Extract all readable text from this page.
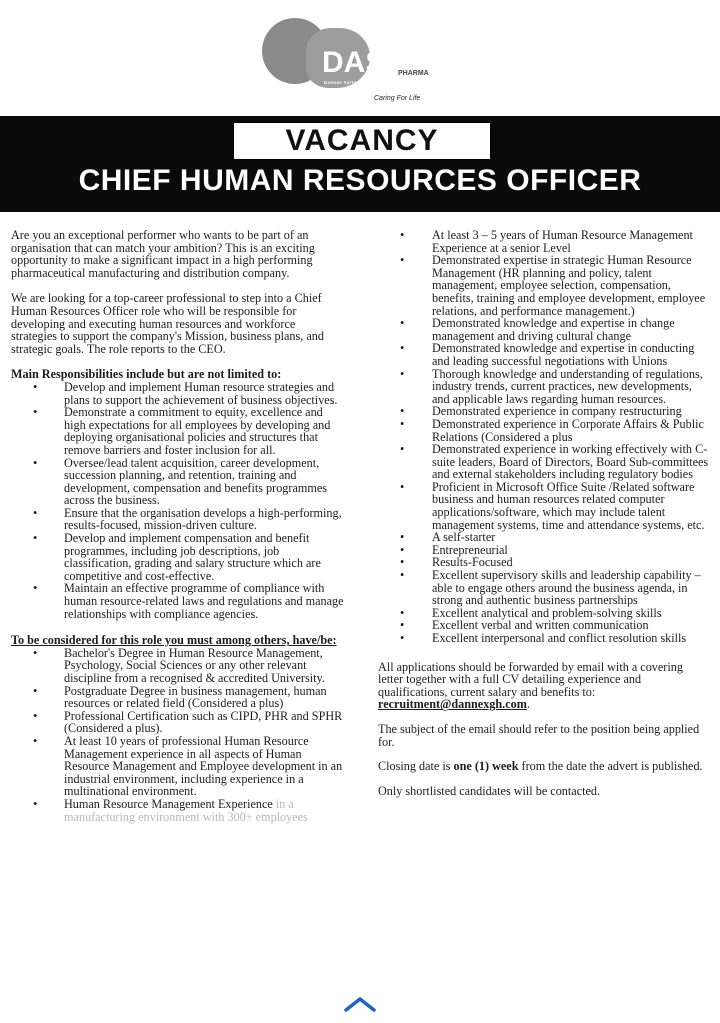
DAS PHARMA
Dannex Ayrton Starwin
Caring For Life
VACANCY
CHIEF HUMAN RESOURCES OFFICER

Are you an exceptional performer who wants to be part of an organisation that can match your ambition? This is an exciting opportunity to make a significant impact in a high performing pharmaceutical manufacturing and distribution company.

We are looking for a top-career professional to step into a Chief Human Resources Officer role who will be responsible for developing and executing human resources and workforce strategies to support the company's Mission, business plans, and strategic goals. The role reports to the CEO.

Main Responsibilities include but are not limited to:

• Develop and implement Human resource strategies and plans to support the achievement of business objectives.
• Demonstrate a commitment to equity, excellence and high expectations for all employees by developing and deploying organisational policies and structures that remove barriers and foster inclusion for all.
• Oversee/lead talent acquisition, career development, succession planning, and retention, training and development, compensation and benefits programmes across the business.
• Ensure that the organisation develops a high-performing, results-focused, mission-driven culture.
• Develop and implement compensation and benefit programmes, including job descriptions, job classification, grading and salary structure which are competitive and cost-effective.
• Maintain an effective programme of compliance with human resource-related laws and regulations and manage relationships with compliance agencies.

To be considered for this role you must among others, have/be:

• Bachelor's Degree in Human Resource Management, Psychology, Social Sciences or any other relevant discipline from a recognised & accredited University.
• Postgraduate Degree in business management, human resources or related field (Considered a plus)
• Professional Certification such as CIPD, PHR and SPHR (Considered a plus).
• At least 10 years of professional Human Resource Management experience in all aspects of Human Resource Management and Employee development in an industrial environment, including experience in a multinational environment.
• Human Resource Management Experience in a manufacturing environment with 300+ employees
• At least 3 – 5 years of Human Resource Management Experience at a senior Level
• Demonstrated expertise in strategic Human Resource Management (HR planning and policy, talent management, employee selection, compensation, benefits, training and employee development, employee relations, and performance management.)
• Demonstrated knowledge and expertise in change management and driving cultural change
• Demonstrated knowledge and expertise in conducting and leading successful negotiations with Unions
• Thorough knowledge and understanding of regulations, industry trends, current practices, new developments, and applicable laws regarding human resources.
• Demonstrated experience in company restructuring
• Demonstrated experience in Corporate Affairs & Public Relations (Considered a plus
• Demonstrated experience in working effectively with C-suite leaders, Board of Directors, Board Sub-committees and external stakeholders including regulatory bodies
• Proficient in Microsoft Office Suite /Related software business and human resources related computer applications/software, which may include talent management systems, time and attendance systems, etc.
• A self-starter
• Entrepreneurial
• Results-Focused
• Excellent supervisory skills and leadership capability – able to engage others around the business agenda, in strong and authentic business partnerships
• Excellent analytical and problem-solving skills
• Excellent verbal and written communication
• Excellent interpersonal and conflict resolution skills

All applications should be forwarded by email with a covering letter together with a full CV detailing experience and qualifications, current salary and benefits to: recruitment@dannexgh.com.

The subject of the email should refer to the position being applied for.

Closing date is one (1) week from the date the advert is published.

Only shortlisted candidates will be contacted.
